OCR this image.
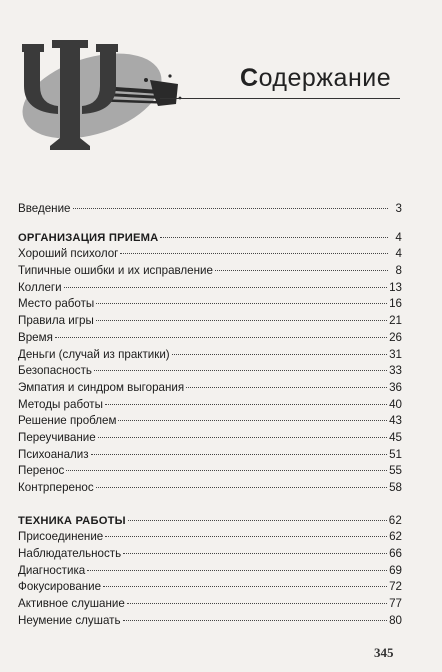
Содержание
Введение	3
ОРГАНИЗАЦИЯ ПРИЕМА	4
Хороший психолог	4
Типичные ошибки и их исправление	8
Коллеги	13
Место работы	16
Правила игры	21
Время	26
Деньги (случай из практики)	31
Безопасность	33
Эмпатия и синдром выгорания	36
Методы работы	40
Решение проблем	43
Переучивание	45
Психоанализ	51
Перенос	55
Контрперенос	58
ТЕХНИКА РАБОТЫ	62
Присоединение	62
Наблюдательность	66
Диагностика	69
Фокусирование	72
Активное слушание	77
Неумение слушать	80
345
